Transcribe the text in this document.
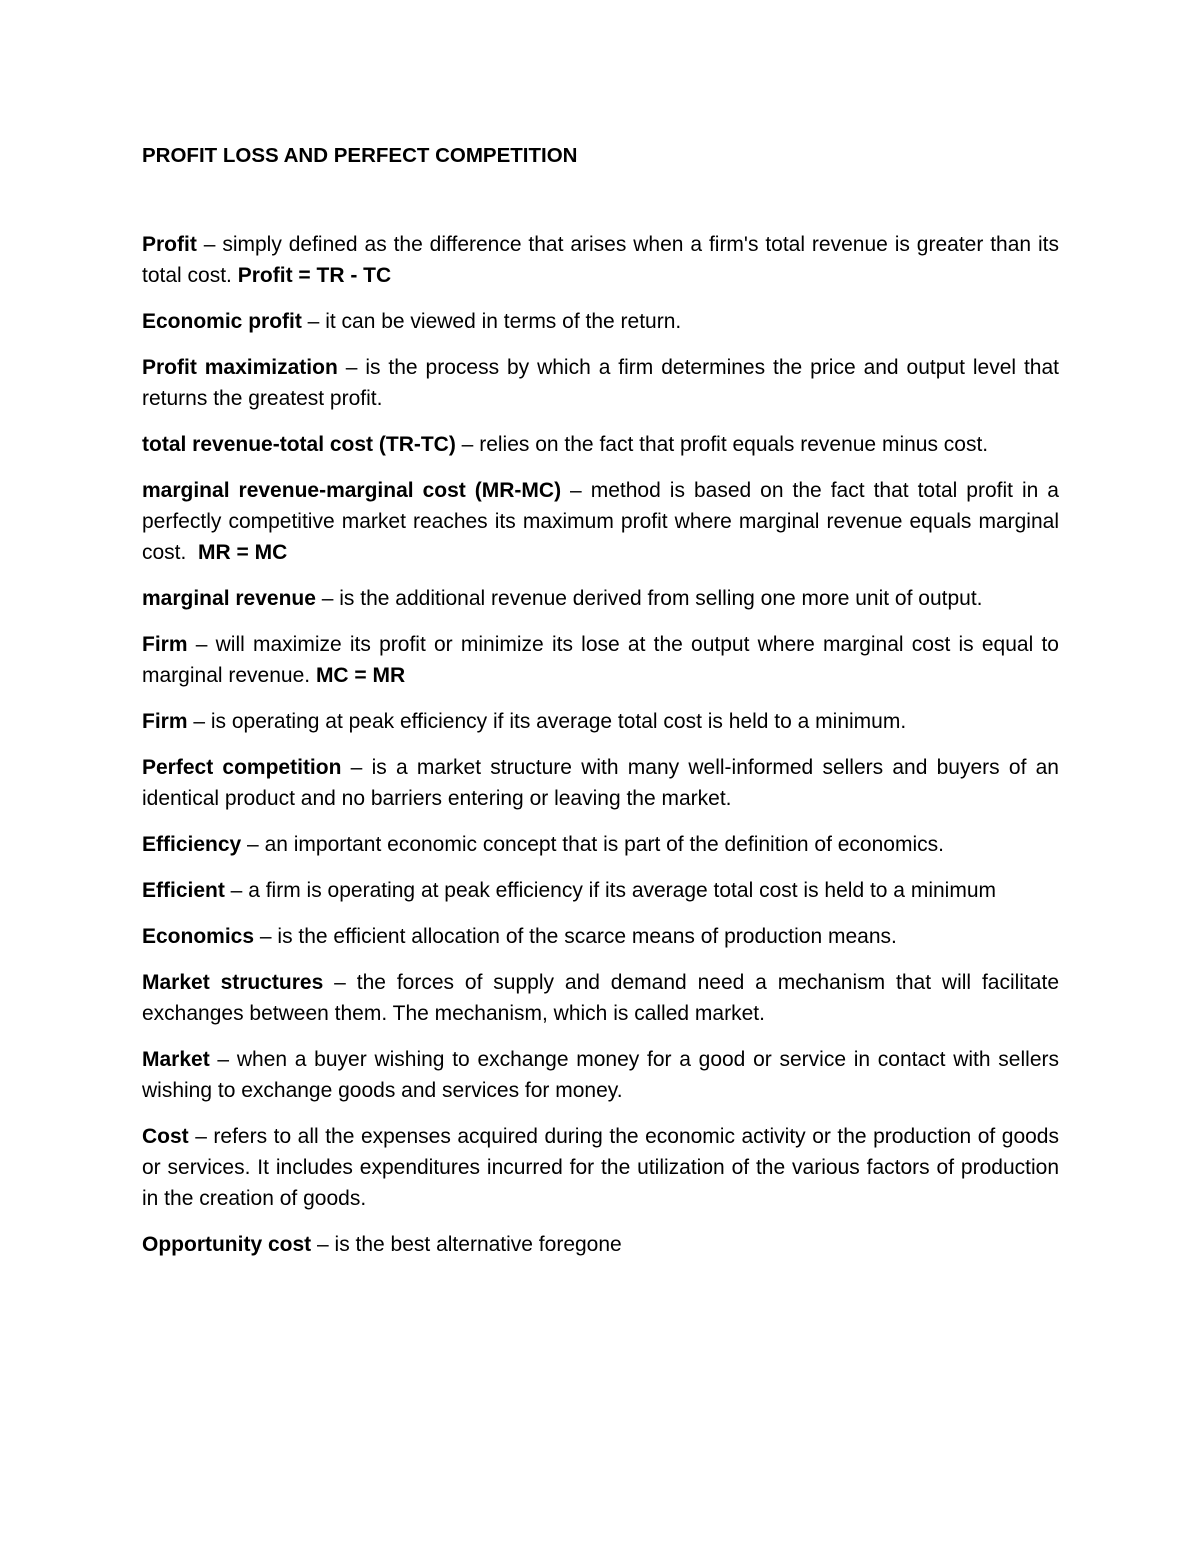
PROFIT LOSS AND PERFECT COMPETITION

Profit – simply defined as the difference that arises when a firm's total revenue is greater than its total cost. Profit = TR - TC

Economic profit – it can be viewed in terms of the return.

Profit maximization – is the process by which a firm determines the price and output level that returns the greatest profit.

total revenue-total cost (TR-TC) – relies on the fact that profit equals revenue minus cost.

marginal revenue-marginal cost (MR-MC) – method is based on the fact that total profit in a perfectly competitive market reaches its maximum profit where marginal revenue equals marginal cost. MR = MC

marginal revenue – is the additional revenue derived from selling one more unit of output.

Firm – will maximize its profit or minimize its lose at the output where marginal cost is equal to marginal revenue. MC = MR

Firm – is operating at peak efficiency if its average total cost is held to a minimum.

Perfect competition – is a market structure with many well-informed sellers and buyers of an identical product and no barriers entering or leaving the market.

Efficiency – an important economic concept that is part of the definition of economics.

Efficient – a firm is operating at peak efficiency if its average total cost is held to a minimum

Economics – is the efficient allocation of the scarce means of production means.

Market structures – the forces of supply and demand need a mechanism that will facilitate exchanges between them. The mechanism, which is called market.

Market – when a buyer wishing to exchange money for a good or service in contact with sellers wishing to exchange goods and services for money.

Cost – refers to all the expenses acquired during the economic activity or the production of goods or services. It includes expenditures incurred for the utilization of the various factors of production in the creation of goods.

Opportunity cost – is the best alternative foregone
